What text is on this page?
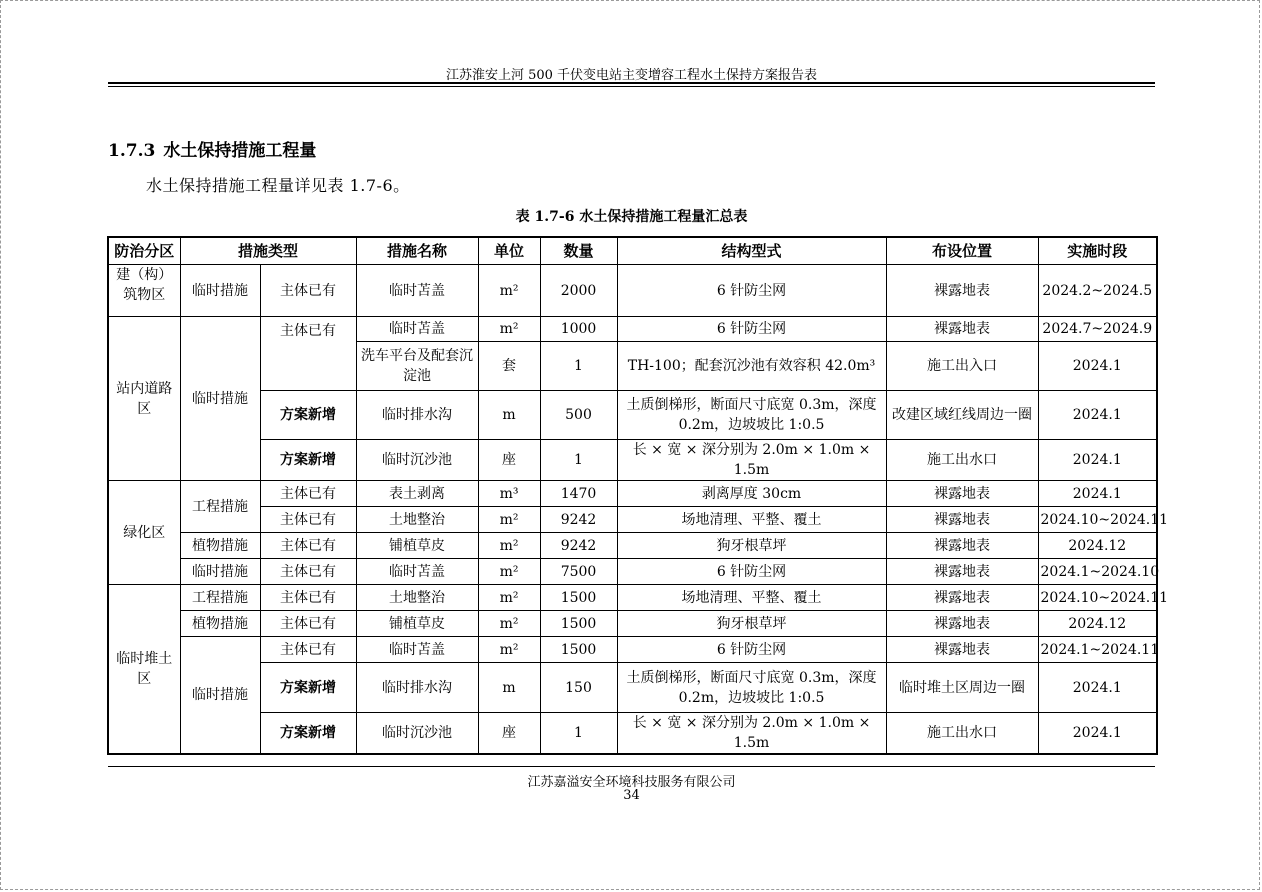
江苏淮安上河 500 千伏变电站主变增容工程水土保持方案报告表
1.7.3 水土保持措施工程量
水土保持措施工程量详见表 1.7-6。
表 1.7-6 水土保持措施工程量汇总表
防治分区	措施类型		措施名称	单位	数量	结构型式	布设位置	实施时段
建（构）筑物区	临时措施	主体已有	临时苫盖	m²	2000	6 针防尘网	裸露地表	2024.2~2024.5
站内道路区	临时措施	主体已有	临时苫盖	m²	1000	6 针防尘网	裸露地表	2024.7~2024.9
			洗车平台及配套沉淀池	套	1	TH-100；配套沉沙池有效容积 42.0m³	施工出入口	2024.1
		方案新增	临时排水沟	m	500	土质倒梯形，断面尺寸底宽 0.3m，深度 0.2m，边坡坡比 1:0.5	改建区域红线周边一圈	2024.1
		方案新增	临时沉沙池	座	1	长 × 宽 × 深分别为 2.0m × 1.0m × 1.5m	施工出水口	2024.1
绿化区	工程措施	主体已有	表土剥离	m³	1470	剥离厚度 30cm	裸露地表	2024.1
		主体已有	土地整治	m²	9242	场地清理、平整、覆土	裸露地表	2024.10~2024.11
	植物措施	主体已有	铺植草皮	m²	9242	狗牙根草坪	裸露地表	2024.12
	临时措施	主体已有	临时苫盖	m²	7500	6 针防尘网	裸露地表	2024.1~2024.10
临时堆土区	工程措施	主体已有	土地整治	m²	1500	场地清理、平整、覆土	裸露地表	2024.10~2024.11
	植物措施	主体已有	铺植草皮	m²	1500	狗牙根草坪	裸露地表	2024.12
	临时措施	主体已有	临时苫盖	m²	1500	6 针防尘网	裸露地表	2024.1~2024.11
		方案新增	临时排水沟	m	150	土质倒梯形，断面尺寸底宽 0.3m，深度 0.2m，边坡坡比 1:0.5	临时堆土区周边一圈	2024.1
		方案新增	临时沉沙池	座	1	长 × 宽 × 深分别为 2.0m × 1.0m × 1.5m	施工出水口	2024.1
江苏嘉溢安全环境科技服务有限公司
34
